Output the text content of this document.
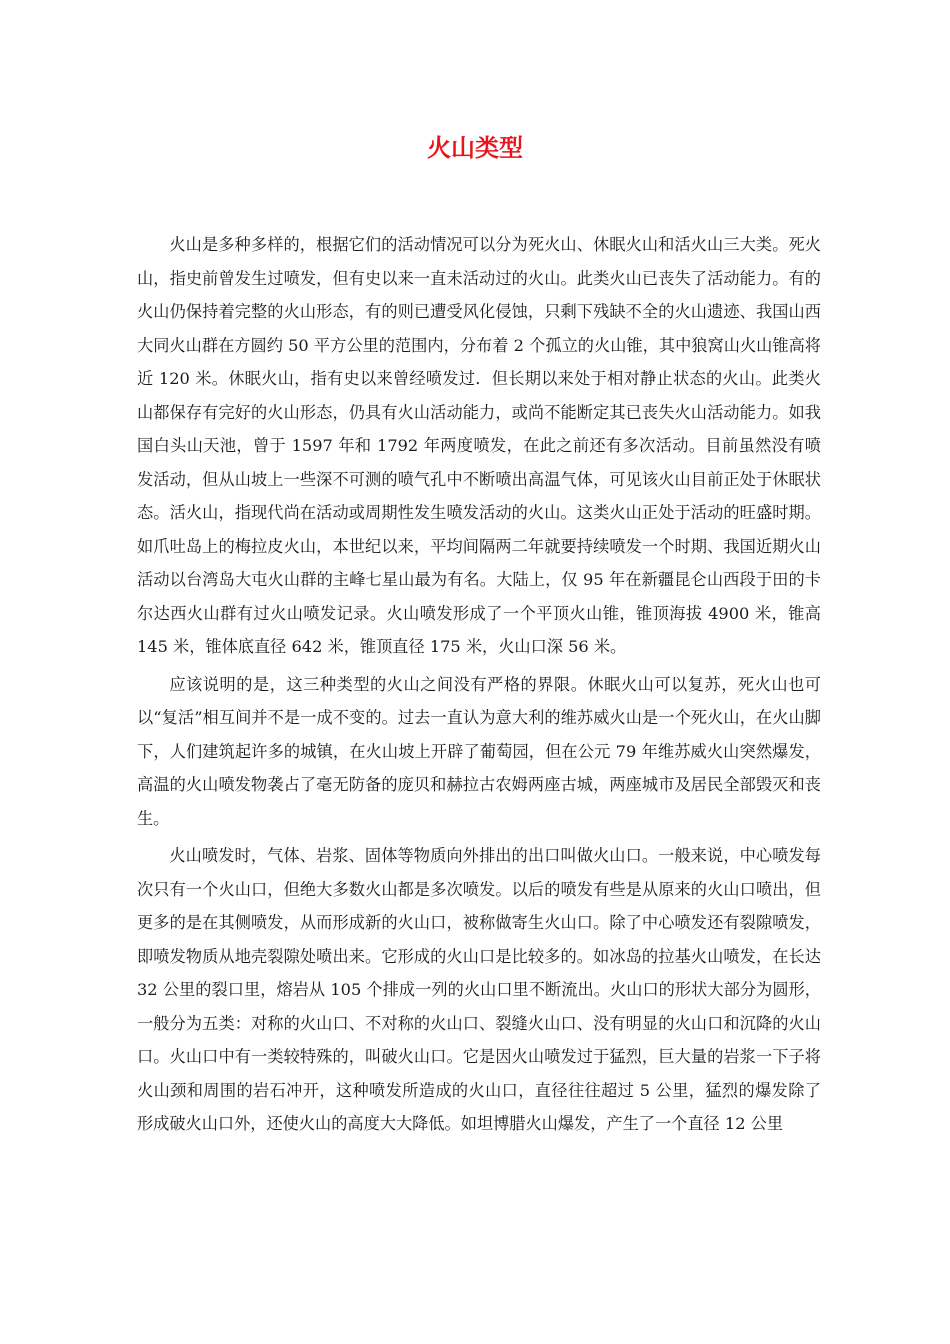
火山类型

火山是多种多样的，根据它们的活动情况可以分为死火山、休眠火山和活火山三大类。死火山，指史前曾发生过喷发，但有史以来一直未活动过的火山。此类火山已丧失了活动能力。有的火山仍保持着完整的火山形态，有的则已遭受风化侵蚀，只剩下残缺不全的火山遗迹、我国山西大同火山群在方圆约 50 平方公里的范围内，分布着 2 个孤立的火山锥，其中狼窝山火山锥高将近 120 米。休眠火山，指有史以来曾经喷发过．但长期以来处于相对静止状态的火山。此类火山都保存有完好的火山形态，仍具有火山活动能力，或尚不能断定其已丧失火山活动能力。如我国白头山天池，曾于 1597 年和 1792 年两度喷发，在此之前还有多次活动。目前虽然没有喷发活动，但从山坡上一些深不可测的喷气孔中不断喷出高温气体，可见该火山目前正处于休眠状态。活火山，指现代尚在活动或周期性发生喷发活动的火山。这类火山正处于活动的旺盛时期。如爪吐岛上的梅拉皮火山，本世纪以来，平均间隔两二年就要持续喷发一个时期、我国近期火山活动以台湾岛大屯火山群的主峰七星山最为有名。大陆上，仅 95 年在新疆昆仑山西段于田的卡尔达西火山群有过火山喷发记录。火山喷发形成了一个平顶火山锥，锥顶海拔 4900 米，锥高 145 米，锥体底直径 642 米，锥顶直径 175 米，火山口深 56 米。

应该说明的是，这三种类型的火山之间没有严格的界限。休眠火山可以复苏，死火山也可以“复活”相互间并不是一成不变的。过去一直认为意大利的维苏威火山是一个死火山，在火山脚下，人们建筑起许多的城镇，在火山坡上开辟了葡萄园，但在公元 79 年维苏威火山突然爆发，高温的火山喷发物袭占了毫无防备的庞贝和赫拉古农姆两座古城，两座城市及居民全部毁灭和丧生。

火山喷发时，气体、岩浆、固体等物质向外排出的出口叫做火山口。一般来说，中心喷发每次只有一个火山口，但绝大多数火山都是多次喷发。以后的喷发有些是从原来的火山口喷出，但更多的是在其侧喷发，从而形成新的火山口，被称做寄生火山口。除了中心喷发还有裂隙喷发，即喷发物质从地壳裂隙处喷出来。它形成的火山口是比较多的。如冰岛的拉基火山喷发，在长达 32 公里的裂口里，熔岩从 105 个排成一列的火山口里不断流出。火山口的形状大部分为圆形，一般分为五类：对称的火山口、不对称的火山口、裂缝火山口、没有明显的火山口和沉降的火山口。火山口中有一类较特殊的，叫破火山口。它是因火山喷发过于猛烈，巨大量的岩浆一下子将火山颈和周围的岩石冲开，这种喷发所造成的火山口，直径往往超过 5 公里，猛烈的爆发除了形成破火山口外，还使火山的高度大大降低。如坦博腊火山爆发，产生了一个直径 12 公里
